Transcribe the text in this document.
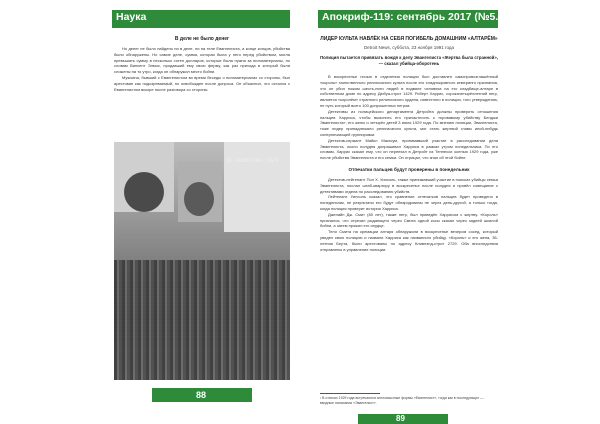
Наука	Апокриф-119: сентябрь 2017 (№5.3 е.п.)
В деле не было денег
Но денег не было найдено ни в деле, ни на теле Евангелиста, а конце концов, убийства были обнаружены. Но самое деле, сумма, которая была у него перед убийством, могла превышать сумму в несколько сотен долларов, которые была нужна за пиломатериалы, по словам Винсент Элмос, продавший ему свою ферму, как раз прихода в который были сложены на то утро, когда он обнаружил место бойни.
Мужчина, бывший с Евангелистом во время беседы о пиломатериалах со стороны, был арестован как подозреваемый, но освобожден после допроса. Он объяснил, что остался с Евангелистом вскоре после разговора со стороны.
St. Aubin Ave. 1929
ЛИДЕР КУЛЬТА НАВЛЁК НА СЕБЯ ПОГИБЕЛЬ ДОМАШНИМ «АЛТАРЁМ»
Detroit News, суббота, 23 ноября 1991 года
Полиция пытается привязать вождя к делу Эвангелиста «Жертва была странной», — сказал убийца-оборотень
В воскресенье ночью в отделении полиции был доставлен самопровозглашённый «король» таинственного религиозного культа после его хладнокровного кемеринго признания, что он убил ножом шесть-пяти людей в подвале человека на его кладбище-алтаре в собственном доме по адресу Дюбуа-стрит 1429. Роберт Харрис, сорокачетырёхлетний негр, является «королём» странного религиозного ордена, известного в полиции, того утверждению, не путь который всего 100 допрошенных негров.
Детективы из полицейского департамента Детройта должны проверить отношения пальцев Харриса, чтобы выяснить его причастность к «кровавому убийству Бенджи Эвангелиста», его жены и четырёх детей 3 июля 1929 года. По мнению полиции, Эвангелиста, тоже лидер принадлежало религиозного культа, мог стать жертвой главы иной-нибудь соперничающей группировки.
Детектив-сержант Майкл Макгоум, принимавший участие в расследовании дела Эвангелиста, около полудня допрашивал Харриса в рамках утром понедельника. По его словам, Харрис сказал ему, что он переехал в Детройт из Теннесси осенью 1929 года, уже после убийства Эвангелиста и его семьи. Он отрицал, что знал об этой бойне.
Отпечатки пальцев будут проверены в понедельник
Детектив-лейтенант Пол Х. Уинсоль, также принимавший участие в поисках убийцы семьи Эвангелиста, послал штаб-квартиру в воскресенье после полудня и провёл совещание с детективами отдела по расследованию убийств.
Лейтенант Уинсоль сказал, что сравнение отпечатков пальцев будет проведено в понедельник, не результаты его будут обнародованы не через день-другой, а только тогда, когда полиция проверит история Харриса.
Дженайн Дж. Смит (80 лет), также негр, был приведён Харрисом с жертву. «Король» признался, что отрезал рыдающего через Смита одной косы сказал через задней шкалой бойни, а затем прожил его сердце.
Тело Смита на кремации алтаря обнаружили в воскресенье вечером сосед, который увидел свою полицию и назвали Харриса как названного убийцу. «Король» и его жена, 35-летняя Берта, были арестованы по адресу Кливлэнд-стрит 2729. Оба впоследствии отправлены в управление полиции.
¹ В статьях 1929 года встречаются англоязычные формы «Евангелист», тогда как в последующих — вводные написания «Эвангелист».
88
89
